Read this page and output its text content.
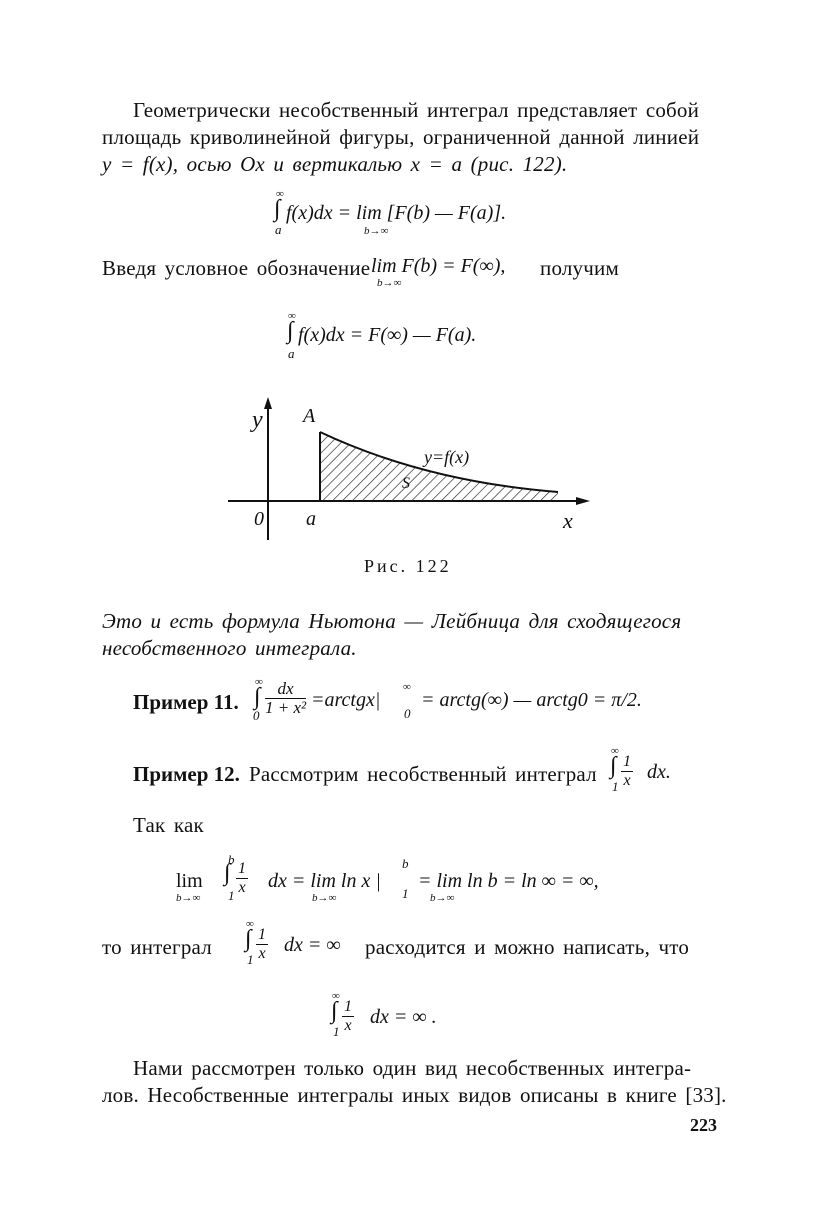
Геометрически несобственный интеграл представляет собой
площадь криволинейной фигуры, ограниченной данной линией
y = f(x), осью Ox и вертикалью x = a (рис. 122).
∞
∫
a
f(x)dx = lim [F(b) — F(a)].
b→∞
Введя условное обозначение lim F(b) = F(∞),
b→∞
получим
∞
∫
a
f(x)dx = F(∞) — F(a).
y A
y=f(x)
S
0 a	x
Рис. 122
Это и есть формула Ньютона — Лейбница для сходящегося
несобственного интеграла.
Пример 11.
∞
∫
$0 \frac{dx}{\text{1 + x²}}$ =arctgx|
∞
0
= arctg(∞) — arctg0 = π/2.
Пример 12. Рассмотрим несобственный интеграл
∞
∫
$1 \frac{1}{x}$ dx.
Так как
lim
b→∞
b
∫
$1 \frac{1}{x}$ dx = lim ln x |
b→∞
b
1
= lim ln b = ln ∞ = ∞,
b→∞
то интеграл
∞
∫
$1 \frac{1}{x}$ dx = ∞ расходится и можно написать, что
∞
∫
$1 \frac{1}{x}$ dx = ∞ .
Нами рассмотрен только один вид несобственных интегра-
лов. Несобственные интегралы иных видов описаны в книге [33].
223
